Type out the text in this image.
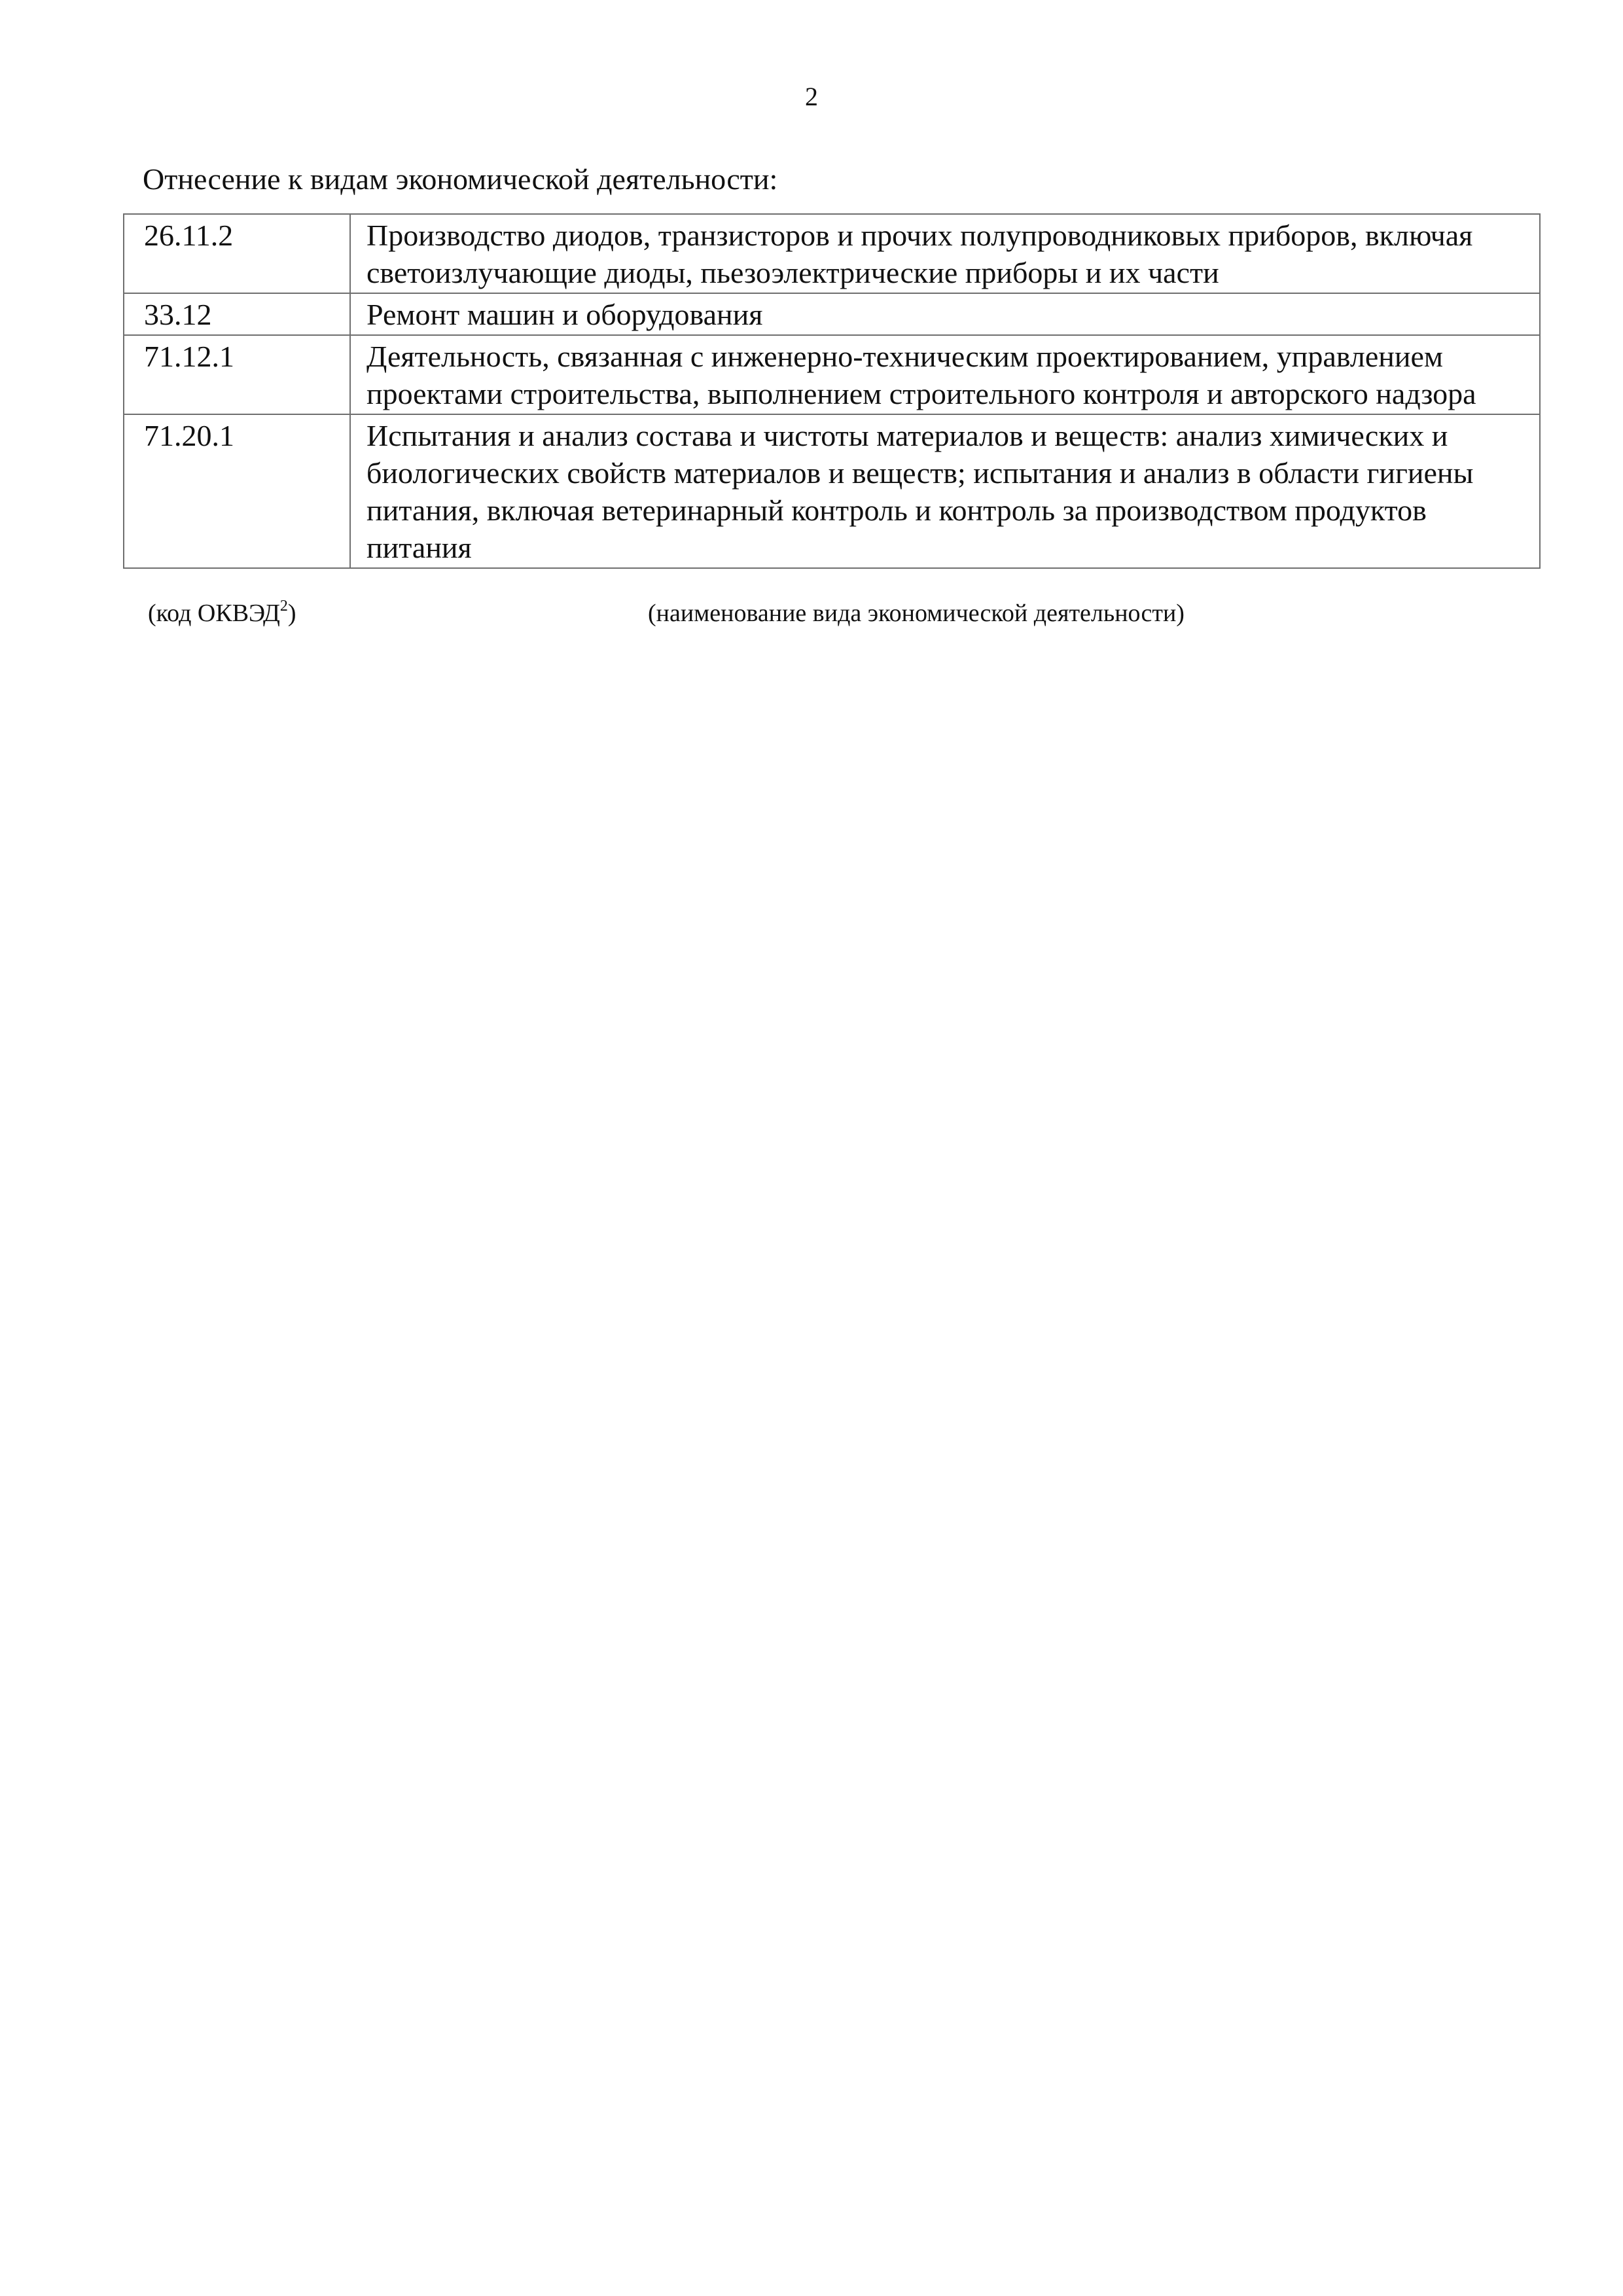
2
Отнесение к видам экономической деятельности:
26.11.2	Производство диодов, транзисторов и прочих полупроводниковых приборов, включая светоизлучающие диоды, пьезоэлектрические приборы и их части
33.12	Ремонт машин и оборудования
71.12.1	Деятельность, связанная с инженерно-техническим проектированием, управлением проектами строительства, выполнением строительного контроля и авторского надзора
71.20.1	Испытания и анализ состава и чистоты материалов и веществ: анализ химических и биологических свойств материалов и веществ; испытания и анализ в области гигиены питания, включая ветеринарный контроль и контроль за производством продуктов питания
(код ОКВЭД$^2$)	(наименование вида экономической деятельности)
